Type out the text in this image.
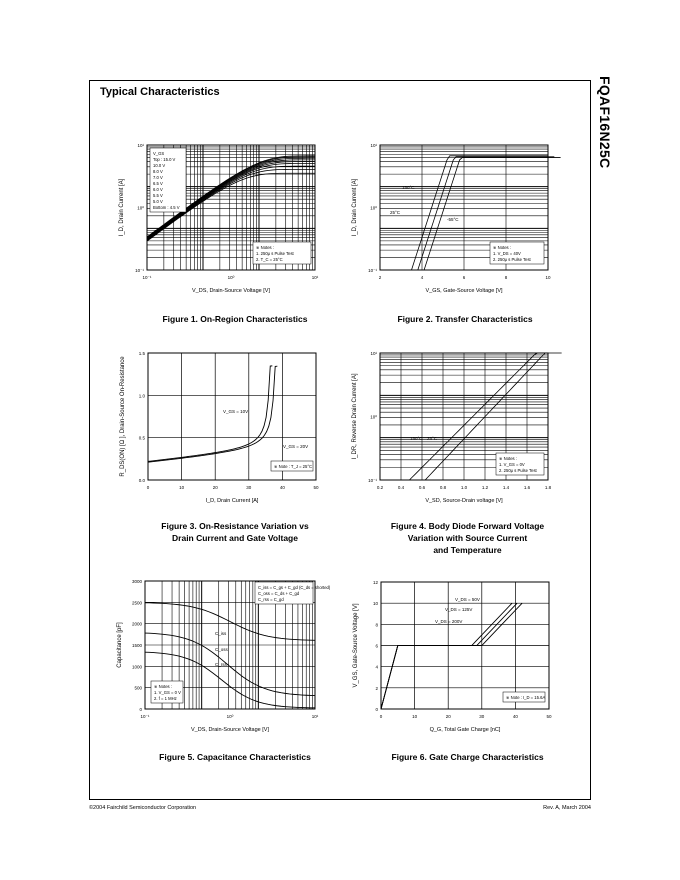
Typical Characteristics	FQAF16N25C
V_DS, Drain-Source Voltage [V]
I_D, Drain Current [A]
10⁻¹	10⁰	10¹
10⁻¹
10⁰
10¹
V_GS
Top : 15.0 V
10.0 V
8.0 V
7.0 V
6.5 V
6.0 V
5.5 V
5.0 V
Bottom : 4.5 V
※ Notes :
1. 250μ s Pulse Test
2. T_C = 25°C
V_GS, Gate-Source Voltage [V]
I_D, Drain Current [A]
2	4	6	8	10
10⁻¹
10⁰
10¹
150°C
25°C
-55°C
※ Notes :
1. V_DS = 40V
2. 250μ s Pulse Test
I_D, Drain Current [A]
R_DS(ON) [Ω ], Drain-Source On-Resistance
0	10	20	30	40	50
0.0
0.5
1.0
1.5
V_GS = 10V
V_GS = 20V
※ Note : T_J = 25°C
V_SD, Source-Drain voltage [V]
I_DR, Reverse Drain Current [A]
0.2	0.4	0.6	0.8	1.0	1.2	1.4	1.6	1.8
10⁻¹
10⁰
10¹
150°C 25°C
※ Notes :
1. V_GS = 0V
2. 250μ s Pulse Test
V_DS, Drain-Source Voltage [V]
Capacitance [pF]
10⁻¹	10⁰	10¹
0
500
1000
1500
2000
2500
3000
C_iss
C_oss
C_rss
C_iss = C_gs + C_gd (C_ds = shorted)
C_oss = C_ds + C_gd
C_rss = C_gd
※ Notes :
1. V_GS = 0 V
2. f = 1 MHz
Q_G, Total Gate Charge [nC]
V_GS, Gate-Source Voltage [V]
0	10	20	30	40	50
0
2
4
6
8
10
12
V_DS = 50V
V_DS = 125V
V_DS = 200V
※ Note : I_D = 15.6A
Figure 1. On-Region Characteristics	Figure 2. Transfer Characteristics
Figure 3. On-Resistance Variation vs
Drain Current and Gate Voltage
Figure 4. Body Diode Forward Voltage
Variation with Source Current
and Temperature
Figure 5. Capacitance Characteristics	Figure 6. Gate Charge Characteristics
©2004 Fairchild Semiconductor Corporation	Rev. A, March 2004
